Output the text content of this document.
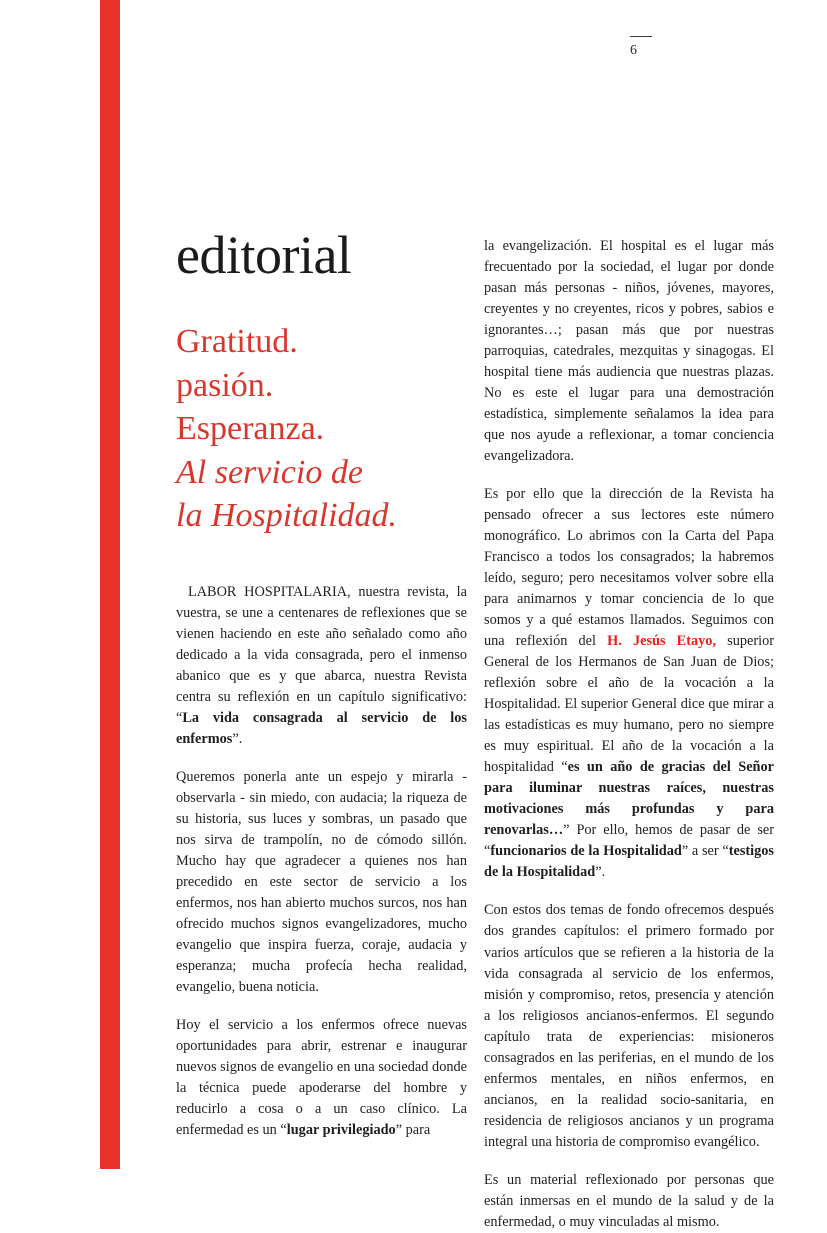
6
editorial
Gratitud.
pasión.
Esperanza.
Al servicio de
la Hospitalidad.

LABOR HOSPITALARIA, nuestra revista, la vuestra, se une a centenares de reflexiones que se vienen haciendo en este año señalado como año dedicado a la vida consagrada, pero el inmenso abanico que es y que abarca, nuestra Revista centra su reflexión en un capítulo significativo: “La vida consagrada al servicio de los enfermos”.

Queremos ponerla ante un espejo y mirarla -observarla - sin miedo, con audacia; la riqueza de su historia, sus luces y sombras, un pasado que nos sirva de trampolín, no de cómodo sillón. Mucho hay que agradecer a quienes nos han precedido en este sector de servicio a los enfermos, nos han abierto muchos surcos, nos han ofrecido muchos signos evangelizadores, mucho evangelio que inspira fuerza, coraje, audacia y esperanza; mucha profecía hecha realidad, evangelio, buena noticia.

Hoy el servicio a los enfermos ofrece nuevas oportunidades para abrir, estrenar e inaugurar nuevos signos de evangelio en una sociedad donde la técnica puede apoderarse del hombre y reducirlo a cosa o a un caso clínico. La enfermedad es un “lugar privilegiado” para

la evangelización. El hospital es el lugar más frecuentado por la sociedad, el lugar por donde pasan más personas - niños, jóvenes, mayores, creyentes y no creyentes, ricos y pobres, sabios e ignorantes…; pasan más que por nuestras parroquias, catedrales, mezquitas y sinagogas. El hospital tiene más audiencia que nuestras plazas. No es este el lugar para una demostración estadística, simplemente señalamos la idea para que nos ayude a reflexionar, a tomar conciencia evangelizadora.

Es por ello que la dirección de la Revista ha pensado ofrecer a sus lectores este número monográfico. Lo abrimos con la Carta del Papa Francisco a todos los consagrados; la habremos leído, seguro; pero necesitamos volver sobre ella para animarnos y tomar conciencia de lo que somos y a qué estamos llamados. Seguimos con una reflexión del H. Jesús Etayo, superior General de los Hermanos de San Juan de Dios; reflexión sobre el año de la vocación a la Hospitalidad. El superior General dice que mirar a las estadísticas es muy humano, pero no siempre es muy espiritual. El año de la vocación a la hospitalidad “es un año de gracias del Señor para iluminar nuestras raíces, nuestras motivaciones más profundas y para renovarlas…” Por ello, hemos de pasar de ser “funcionarios de la Hospitalidad” a ser “testigos de la Hospitalidad”.

Con estos dos temas de fondo ofrecemos después dos grandes capítulos: el primero formado por varios artículos que se refieren a la historia de la vida consagrada al servicio de los enfermos, misión y compromiso, retos, presencia y atención a los religiosos ancianos-enfermos. El segundo capítulo trata de experiencias: misioneros consagrados en las periferias, en el mundo de los enfermos mentales, en niños enfermos, en ancianos, en la realidad socio-sanitaria, en residencia de religiosos ancianos y un programa integral una historia de compromiso evangélico.

Es un material reflexionado por personas que están inmersas en el mundo de la salud y de la enfermedad, o muy vinculadas al mismo.
